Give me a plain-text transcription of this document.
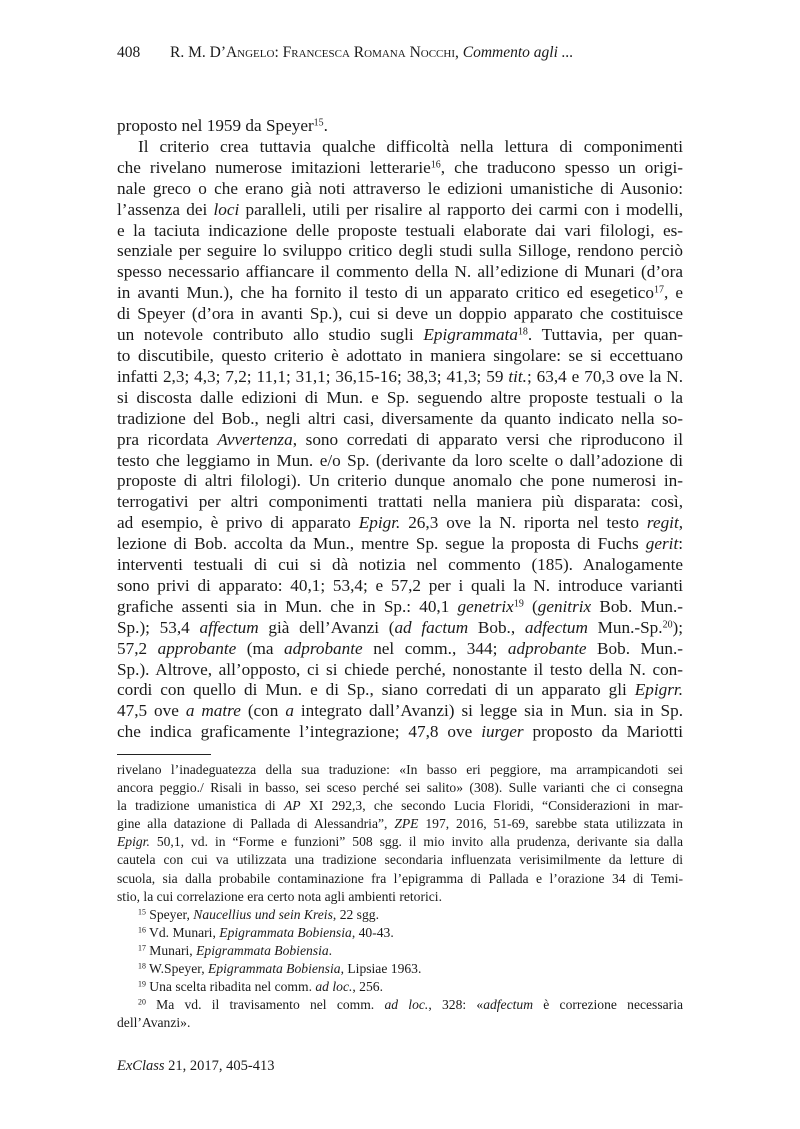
408 R. M. D’Angelo: Francesca Romana Nocchi, Commento agli ...

proposto nel 1959 da Speyer$^{15}$.

Il criterio crea tuttavia qualche difficoltà nella lettura di componimenti
che rivelano numerose imitazioni letterarie$^{16}$, che traducono spesso un origi-
nale greco o che erano già noti attraverso le edizioni umanistiche di Ausonio:
l’assenza dei loci paralleli, utili per risalire al rapporto dei carmi con i modelli,
e la taciuta indicazione delle proposte testuali elaborate dai vari filologi, es-
senziale per seguire lo sviluppo critico degli studi sulla Silloge, rendono perciò
spesso necessario affiancare il commento della N. all’edizione di Munari (d’ora
in avanti Mun.), che ha fornito il testo di un apparato critico ed esegetico$^{17}$, e
di Speyer (d’ora in avanti Sp.), cui si deve un doppio apparato che costituisce
un notevole contributo allo studio sugli Epigrammata$^{18}$. Tuttavia, per quan-
to discutibile, questo criterio è adottato in maniera singolare: se si eccettuano
infatti 2,3; 4,3; 7,2; 11,1; 31,1; 36,15-16; 38,3; 41,3; 59 tit.; 63,4 e 70,3 ove la N.
si discosta dalle edizioni di Mun. e Sp. seguendo altre proposte testuali o la
tradizione del Bob., negli altri casi, diversamente da quanto indicato nella so-
pra ricordata Avvertenza, sono corredati di apparato versi che riproducono il
testo che leggiamo in Mun. e/o Sp. (derivante da loro scelte o dall’adozione di
proposte di altri filologi). Un criterio dunque anomalo che pone numerosi in-
terrogativi per altri componimenti trattati nella maniera più disparata: così,
ad esempio, è privo di apparato Epigr. 26,3 ove la N. riporta nel testo regit,
lezione di Bob. accolta da Mun., mentre Sp. segue la proposta di Fuchs gerit:
interventi testuali di cui si dà notizia nel commento (185). Analogamente
sono privi di apparato: 40,1; 53,4; e 57,2 per i quali la N. introduce varianti
grafiche assenti sia in Mun. che in Sp.: 40,1 genetrix$^{19}$ (genitrix Bob. Mun.-
Sp.); 53,4 affectum già dell’Avanzi (ad factum Bob., adfectum Mun.-Sp.$^{20}$);
57,2 approbante (ma adprobante nel comm., 344; adprobante Bob. Mun.-
Sp.). Altrove, all’opposto, ci si chiede perché, nonostante il testo della N. con-
cordi con quello di Mun. e di Sp., siano corredati di un apparato gli Epigrr.
47,5 ove a matre (con a integrato dall’Avanzi) si legge sia in Mun. sia in Sp.
che indica graficamente l’integrazione; 47,8 ove iurger proposto da Mariotti

rivelano l’inadeguatezza della sua traduzione: «In basso eri peggiore, ma arrampicandoti sei
ancora peggio./ Risali in basso, sei sceso perché sei salito» (308). Sulle varianti che ci consegna
la tradizione umanistica di AP XI 292,3, che secondo Lucia Floridi, “Considerazioni in mar-
gine alla datazione di Pallada di Alessandria”, ZPE 197, 2016, 51-69, sarebbe stata utilizzata in
Epigr. 50,1, vd. in “Forme e funzioni” 508 sgg. il mio invito alla prudenza, derivante sia dalla
cautela con cui va utilizzata una tradizione secondaria influenzata verisimilmente da letture di
scuola, sia dalla probabile contaminazione fra l’epigramma di Pallada e l’orazione 34 di Temi-
stio, la cui correlazione era certo nota agli ambienti retorici.
$^{15}$ Speyer, Naucellius und sein Kreis, 22 sgg.
$^{16}$ Vd. Munari, Epigrammata Bobiensia, 40-43.
$^{17}$ Munari, Epigrammata Bobiensia.
$^{18}$ W.Speyer, Epigrammata Bobiensia, Lipsiae 1963.
$^{19}$ Una scelta ribadita nel comm. ad loc., 256.
$^{20}$ Ma vd. il travisamento nel comm. ad loc., 328: «adfectum è correzione necessaria
dell’Avanzi».
ExClass 21, 2017, 405-413
